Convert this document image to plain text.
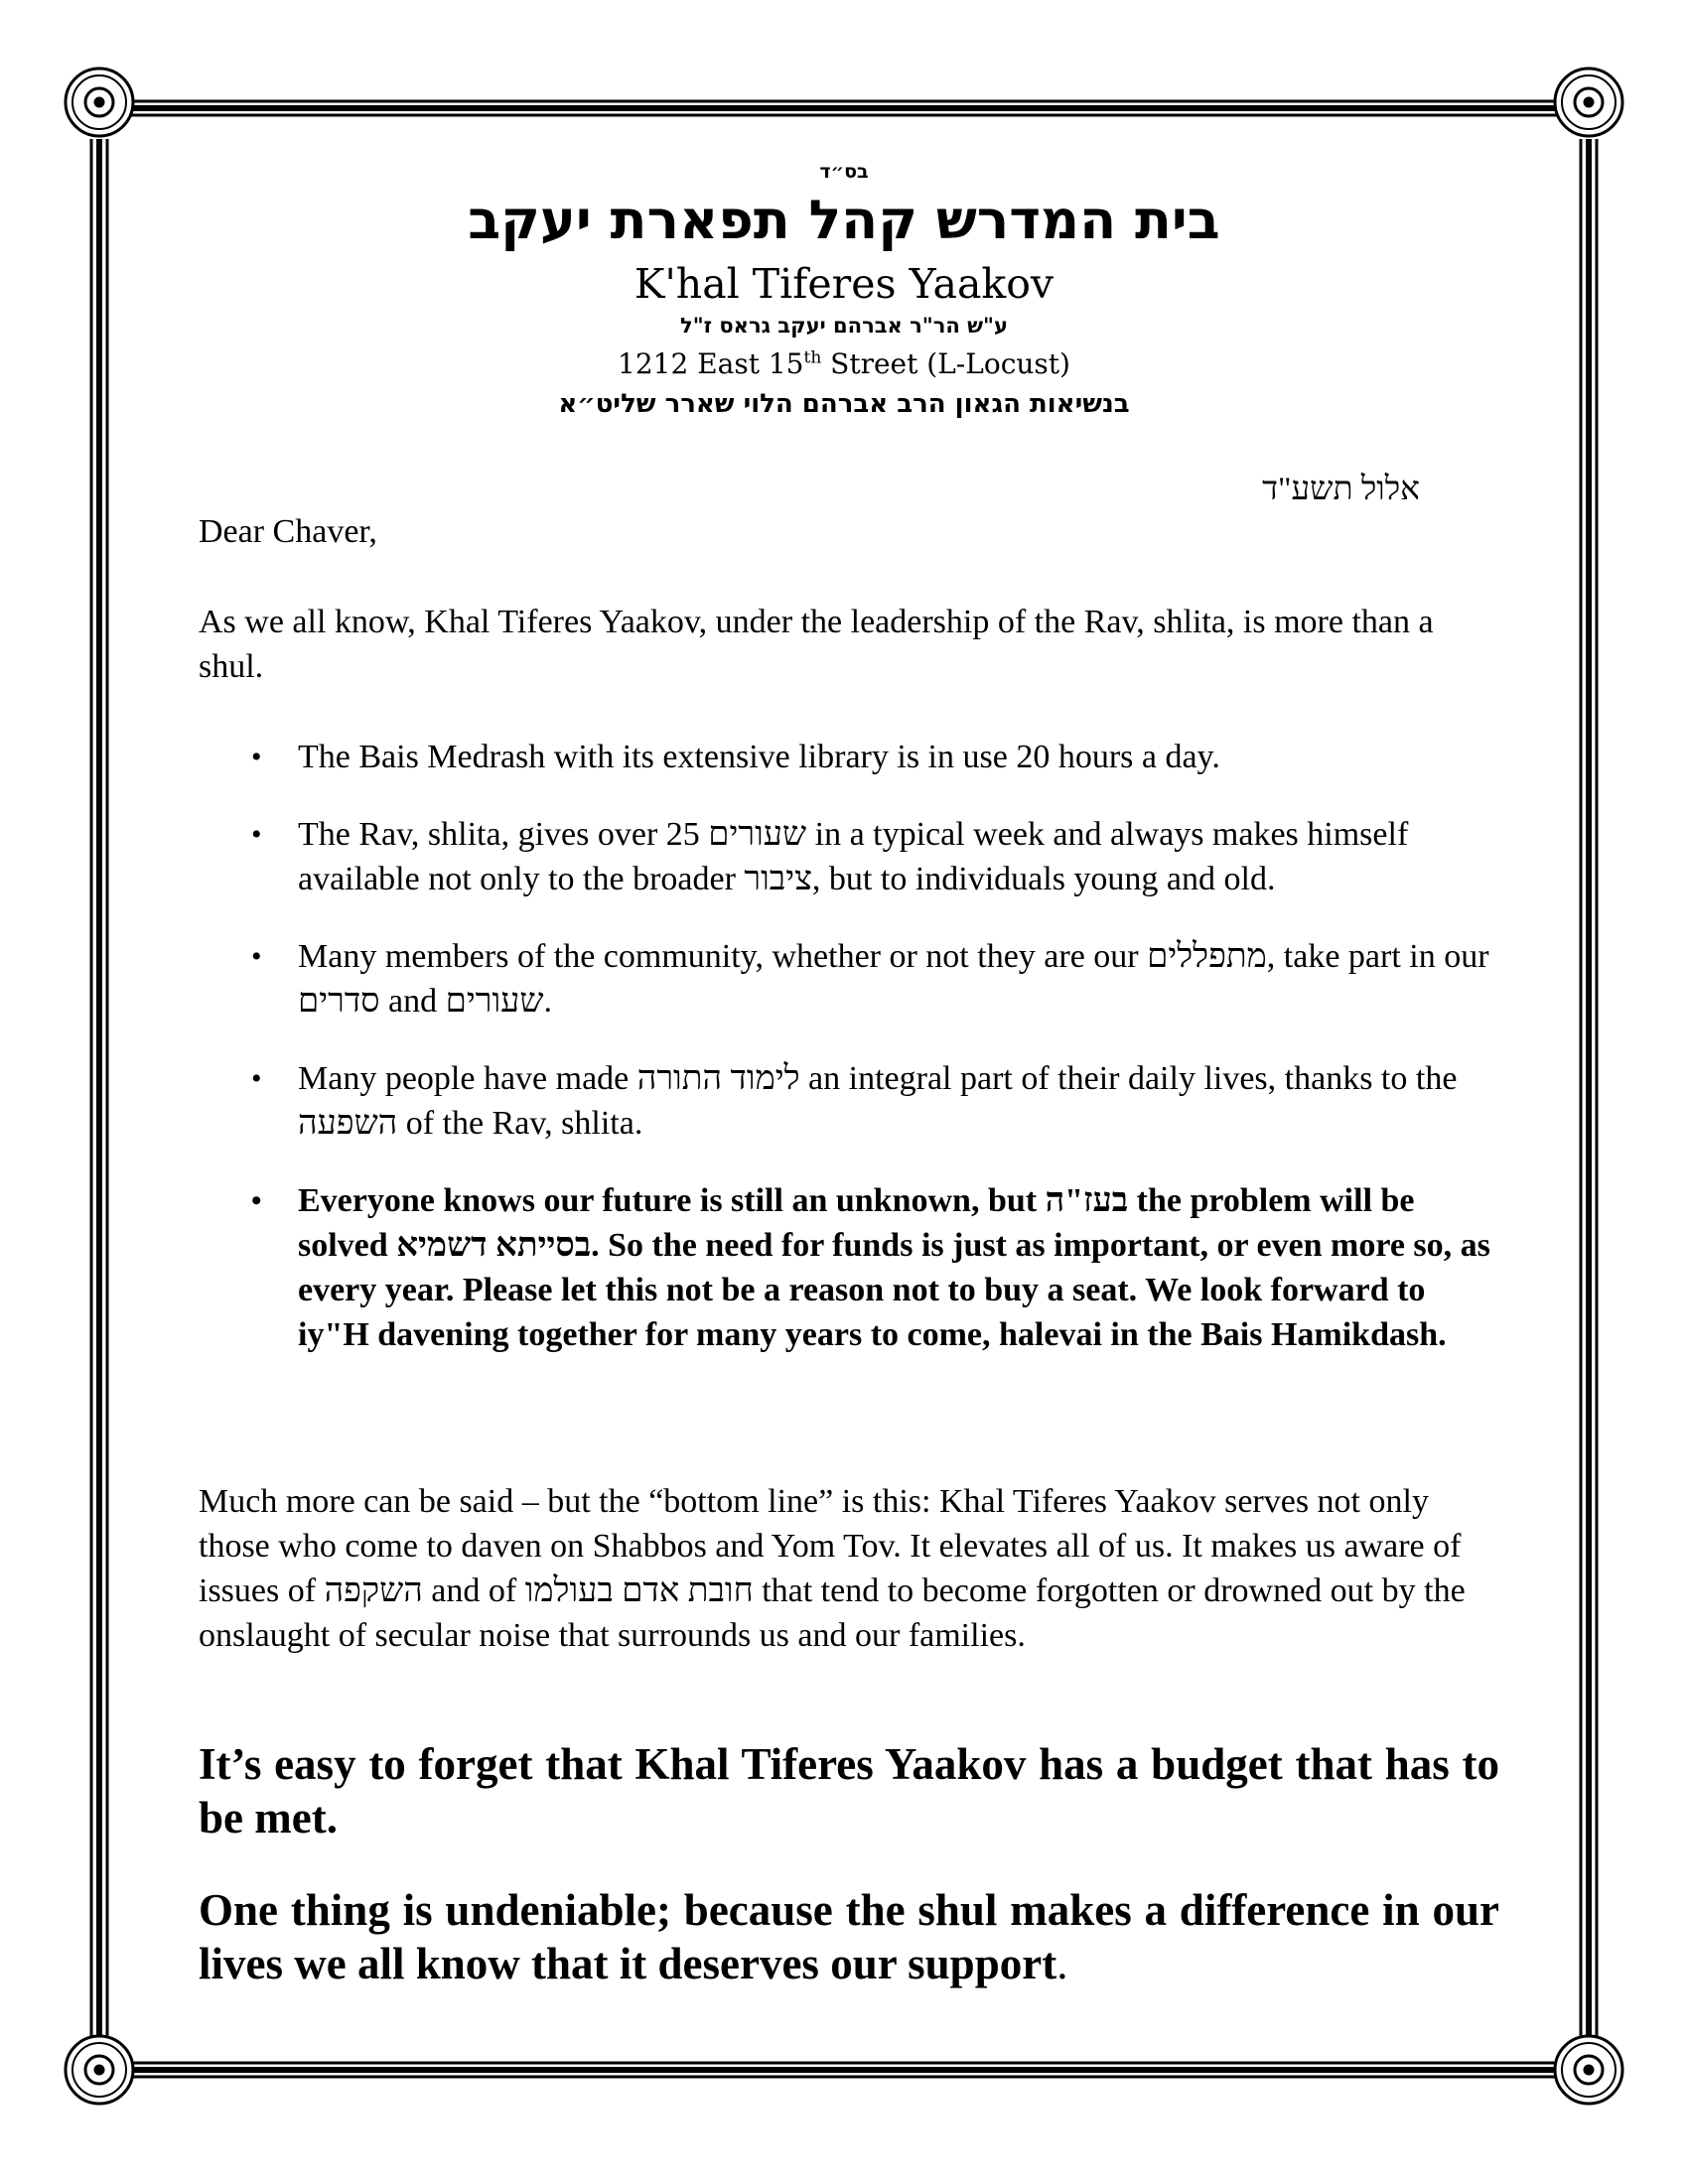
בס״ד
בית המדרש קהל תפארת יעקב
K'hal Tiferes Yaakov
ע"ש הר"ר אברהם יעקב גראס ז"ל
1212 East 15th Street (L-Locust)
בנשיאות הגאון הרב אברהם הלוי שארר שליט״א
אלול תשע"ד
Dear Chaver,
As we all know, Khal Tiferes Yaakov, under the leadership of the Rav, shlita, is more than a shul.
• The Bais Medrash with its extensive library is in use 20 hours a day.
• The Rav, shlita, gives over 25 שעורים in a typical week and always makes himself available not only to the broader ציבור, but to individuals young and old.
• Many members of the community, whether or not they are our מתפללים, take part in our סדרים and שעורים.
• Many people have made לימוד התורה an integral part of their daily lives, thanks to the השפעה of the Rav, shlita.
• Everyone knows our future is still an unknown, but בעז"ה the problem will be solved בסייתא דשמיא. So the need for funds is just as important, or even more so, as every year. Please let this not be a reason not to buy a seat. We look forward to iy"H davening together for many years to come, halevai in the Bais Hamikdash.
Much more can be said – but the “bottom line” is this: Khal Tiferes Yaakov serves not only those who come to daven on Shabbos and Yom Tov. It elevates all of us. It makes us aware of issues of השקפה and of חובת אדם בעולמו that tend to become forgotten or drowned out by the onslaught of secular noise that surrounds us and our families.
It’s easy to forget that Khal Tiferes Yaakov has a budget that has to be met.
One thing is undeniable; because the shul makes a difference in our lives we all know that it deserves our support.
